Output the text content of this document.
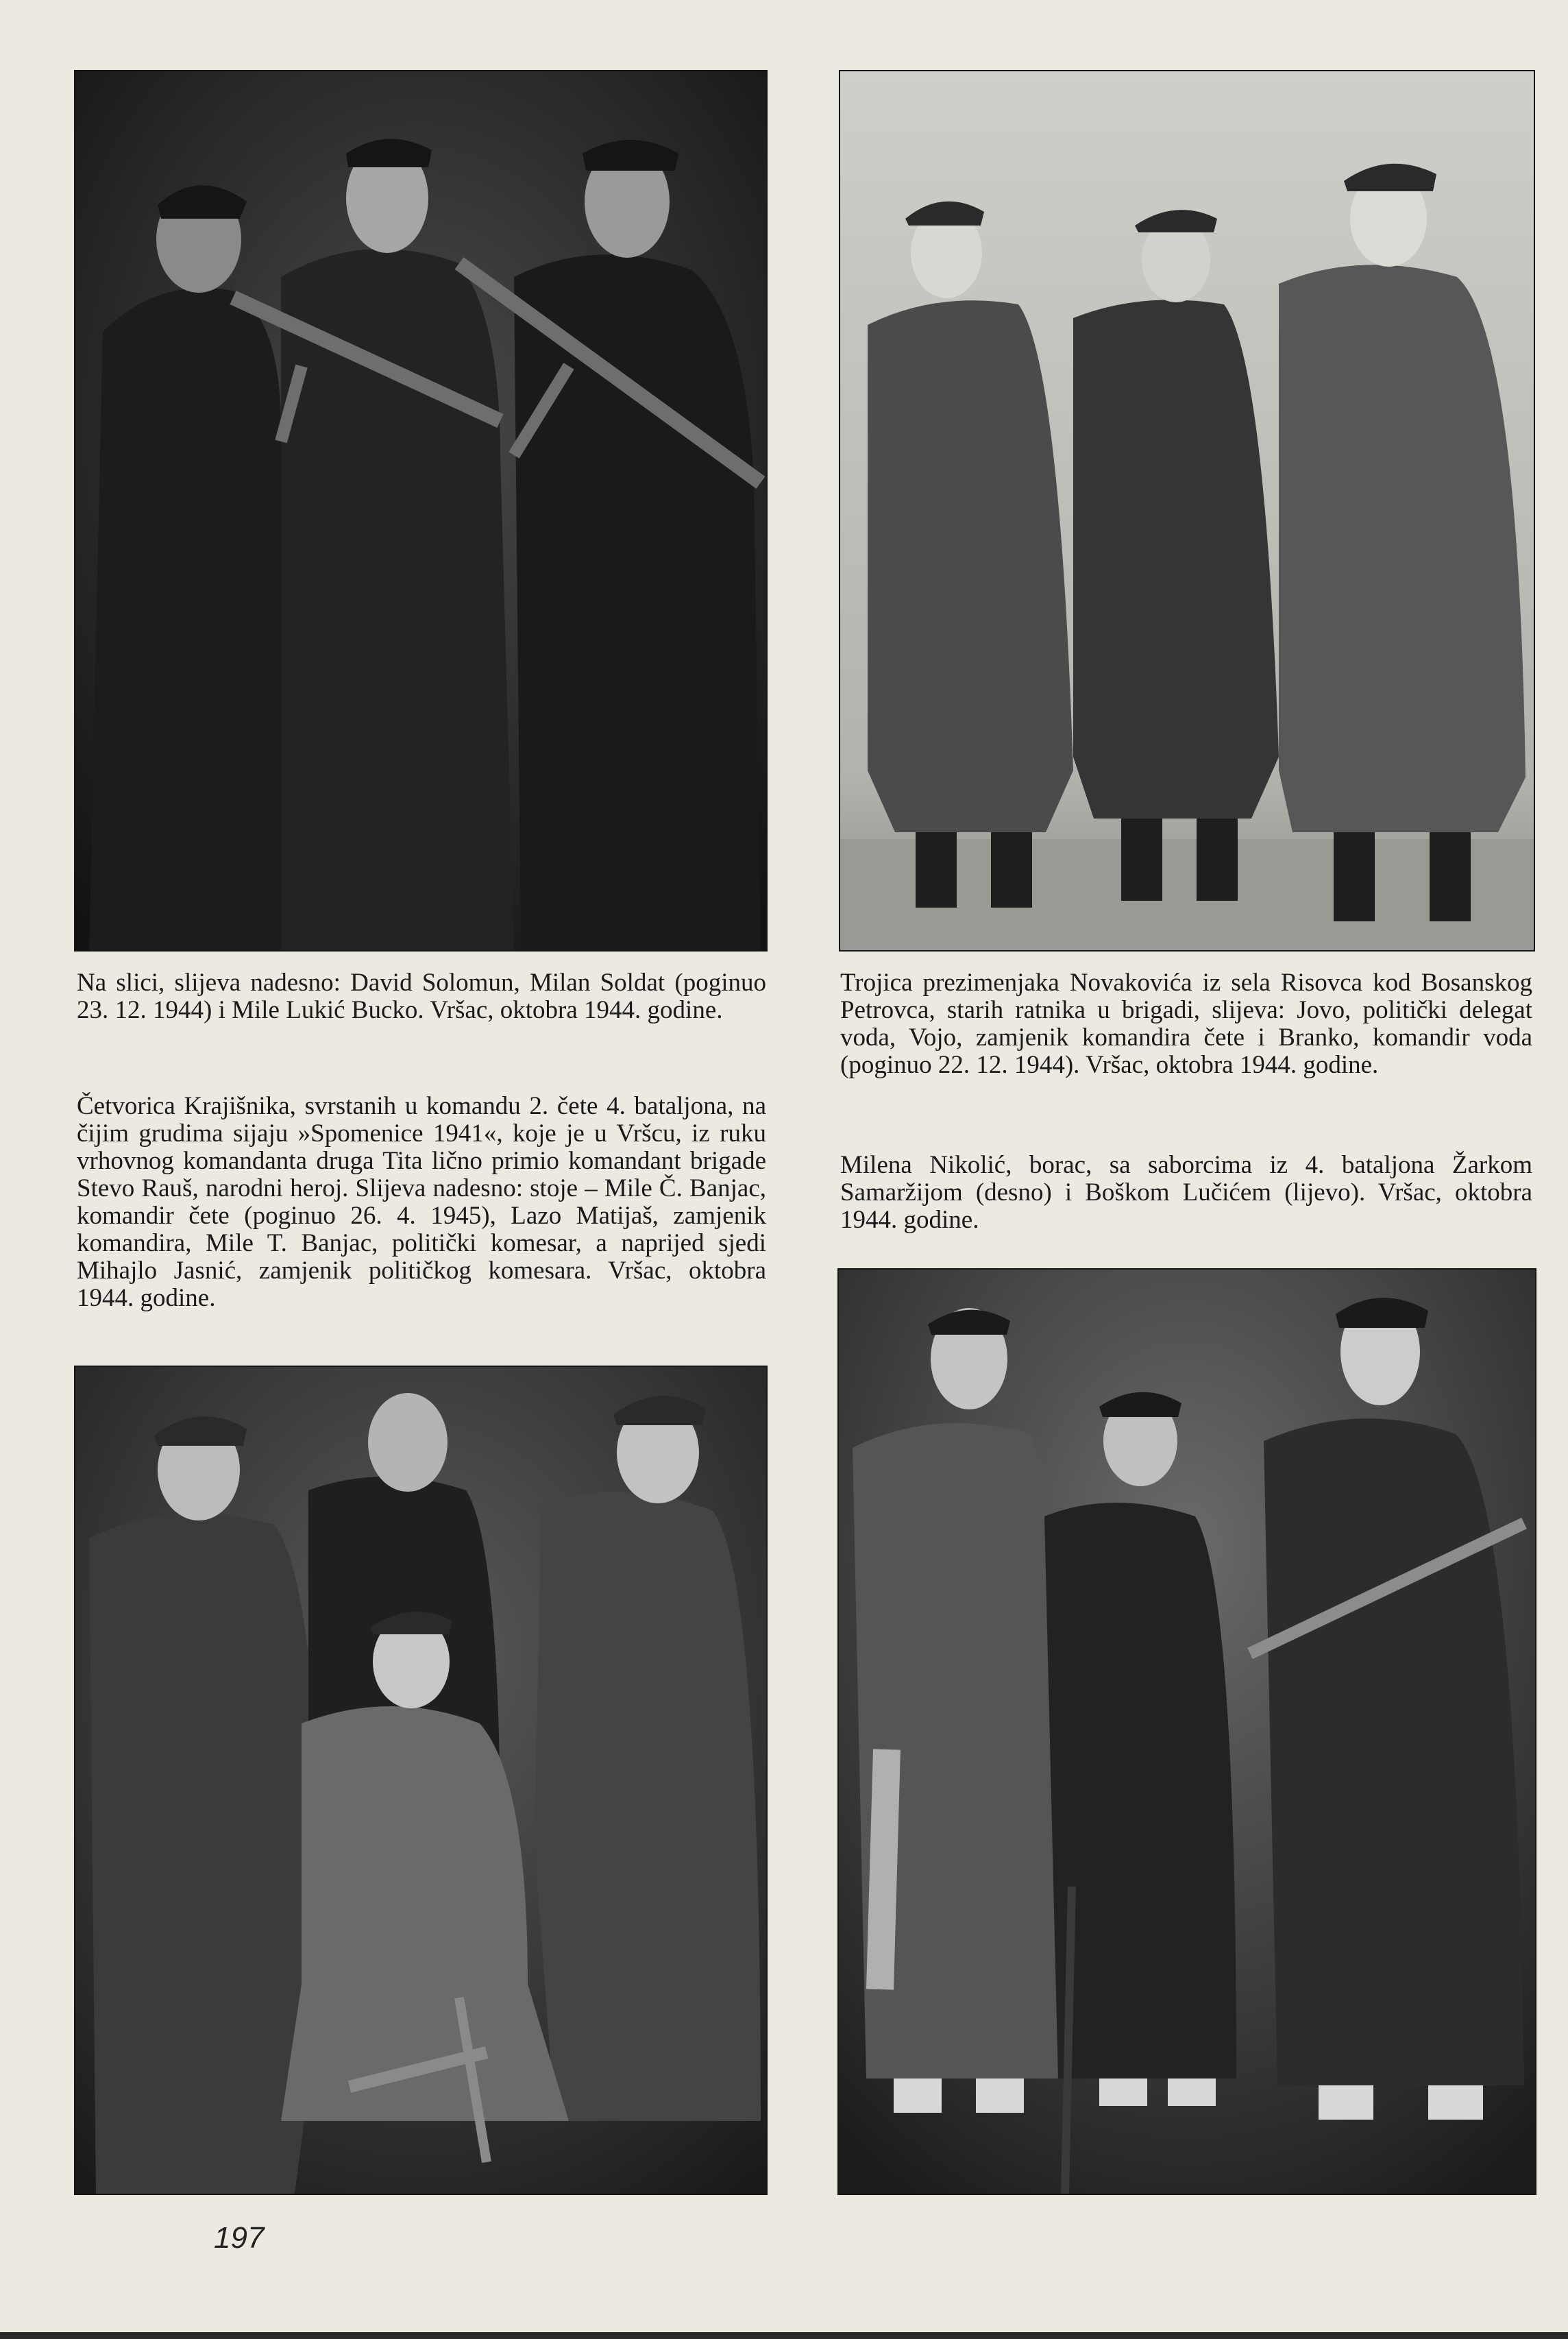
Na slici, slijeva nadesno: David Solomun, Milan Soldat (poginuo 23. 12. 1944) i Mile Lukić Bucko. Vršac, oktobra 1944. godine.

Četvorica Krajišnika, svrstanih u komandu 2. čete 4. bataljona, na čijim grudima sijaju »Spomenice 1941«, koje je u Vršcu, iz ruku vrhovnog komandanta druga Tita lično primio komandant brigade Stevo Rauš, narodni heroj. Slijeva nadesno: stoje – Mile Č. Banjac, komandir čete (poginuo 26. 4. 1945), Lazo Matijaš, zamjenik komandira, Mile T. Banjac, politički komesar, a naprijed sjedi Mihajlo Jasnić, zamjenik političkog komesara. Vršac, oktobra 1944. godine.

Trojica prezimenjaka Novakovića iz sela Risovca kod Bosanskog Petrovca, starih ratnika u brigadi, slijeva: Jovo, politički delegat voda, Vojo, zamjenik komandira čete i Branko, komandir voda (poginuo 22. 12. 1944). Vršac, oktobra 1944. godine.

Milena Nikolić, borac, sa saborcima iz 4. bataljona Žarkom Samaržijom (desno) i Boškom Lučićem (lijevo). Vršac, oktobra 1944. godine.

197
